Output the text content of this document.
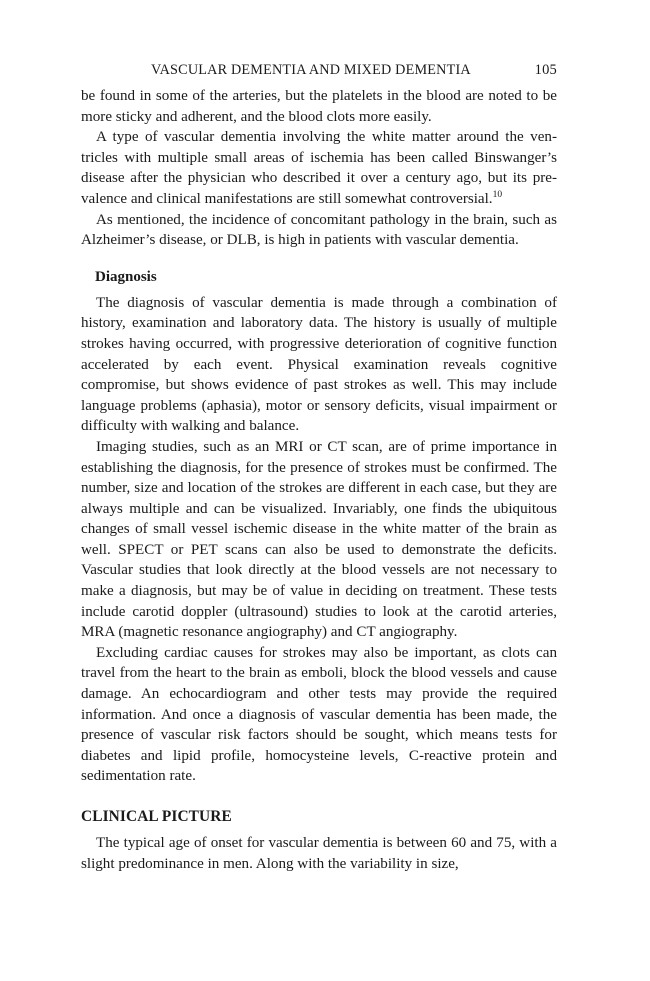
VASCULAR DEMENTIA AND MIXED DEMENTIA	105

be found in some of the arteries, but the platelets in the blood are noted to be more sticky and adherent, and the blood clots more easily.

A type of vascular dementia involving the white matter around the ventricles with multiple small areas of ischemia has been called Binswanger’s disease after the physician who described it over a century ago, but its prevalence and clinical manifestations are still somewhat controversial.$^{10}$

As mentioned, the incidence of concomitant pathology in the brain, such as Alzheimer’s disease, or DLB, is high in patients with vascular dementia.

Diagnosis

The diagnosis of vascular dementia is made through a combination of history, examination and laboratory data. The history is usually of multiple strokes having occurred, with progressive deterioration of cognitive function accelerated by each event. Physical examination reveals cognitive compromise, but shows evidence of past strokes as well. This may include language problems (aphasia), motor or sensory deficits, visual impairment or difficulty with walking and balance.

Imaging studies, such as an MRI or CT scan, are of prime importance in establishing the diagnosis, for the presence of strokes must be confirmed. The number, size and location of the strokes are different in each case, but they are always multiple and can be visualized. Invariably, one finds the ubiquitous changes of small vessel ischemic disease in the white matter of the brain as well. SPECT or PET scans can also be used to demonstrate the deficits. Vascular studies that look directly at the blood vessels are not necessary to make a diagnosis, but may be of value in deciding on treatment. These tests include carotid doppler (ultrasound) studies to look at the carotid arteries, MRA (magnetic resonance angiography) and CT angiography.

Excluding cardiac causes for strokes may also be important, as clots can travel from the heart to the brain as emboli, block the blood vessels and cause damage. An echocardiogram and other tests may provide the required information. And once a diagnosis of vascular dementia has been made, the presence of vascular risk factors should be sought, which means tests for diabetes and lipid profile, homocysteine levels, C-reactive protein and sedimentation rate.

CLINICAL PICTURE

The typical age of onset for vascular dementia is between 60 and 75, with a slight predominance in men. Along with the variability in size,
